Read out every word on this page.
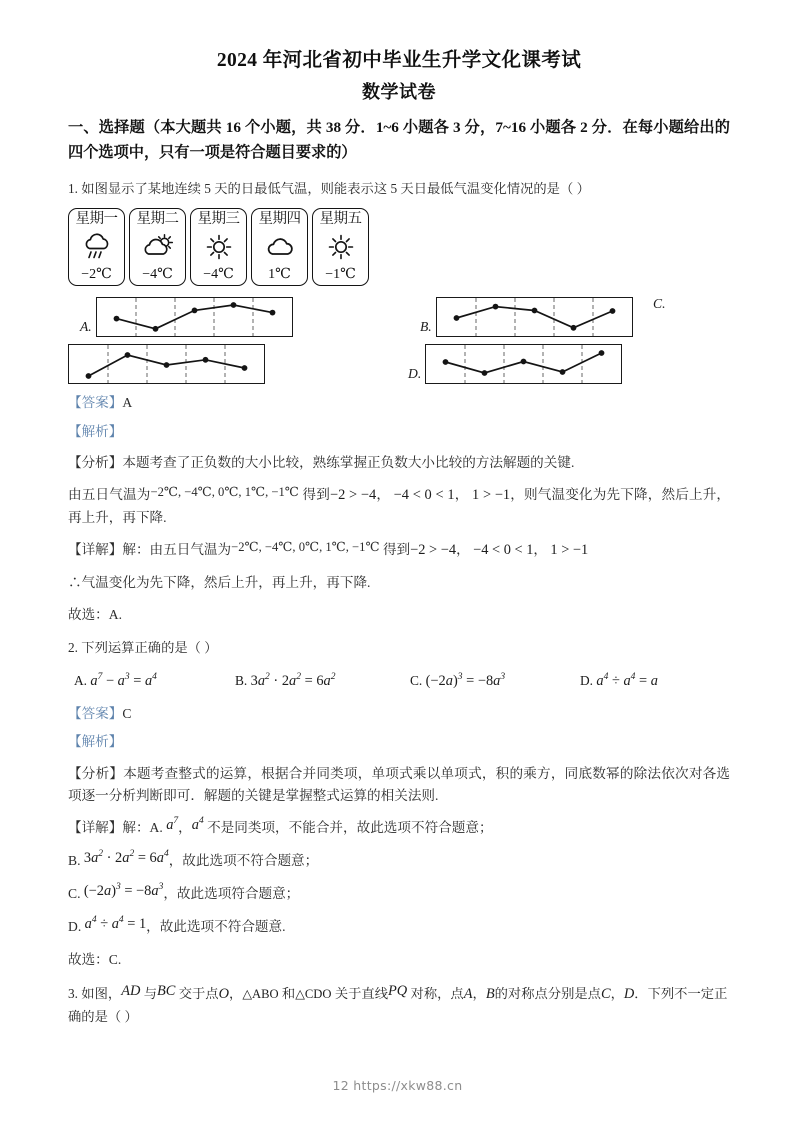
2024 年河北省初中毕业生升学文化课考试
数学试卷
一、选择题（本大题共 16 个小题，共 38 分．1~6 小题各 3 分，7~16 小题各 2 分．在每小题给出的四个选项中，只有一项是符合题目要求的）
1. 如图显示了某地连续 5 天的日最低气温，则能表示这 5 天日最低气温变化情况的是（ ）
星期一
−2℃
星期二
−4℃
星期三
−4℃
星期四
1℃
星期五
−1℃
A.	B.
C.
D.
【答案】A
【解析】
【分析】本题考查了正负数的大小比较，熟练掌握正负数大小比较的方法解题的关键.
由五日气温为−2℃, −4℃, 0℃, 1℃, −1℃ 得到−2 > −4， −4 < 0 < 1， 1 > −1，则气温变化为先下降，然后上升，再上升，再下降.
【详解】解：由五日气温为−2℃, −4℃, 0℃, 1℃, −1℃ 得到−2 > −4， −4 < 0 < 1， 1 > −1
∴气温变化为先下降，然后上升，再上升，再下降.
故选：A.
2. 下列运算正确的是（ ）
A. $a^7 - a^3 = a^4$	B. $3a^2 \cdot 2a^2 = 6a^2$	C. $(-2a)^3 = -8a^3$	D. $a^4 \div a^4 = a$
【答案】C
【解析】
【分析】本题考查整式的运算，根据合并同类项，单项式乘以单项式，积的乘方，同底数幂的除法依次对各选项逐一分析判断即可．解题的关键是掌握整式运算的相关法则.
【详解】解：A. $a^7$，$a^4$ 不是同类项，不能合并，故此选项不符合题意；
B. $3a^2 \cdot 2a^2 = 6a^4$，故此选项不符合题意；
C. $(-2a)^3 = -8a^3$，故此选项符合题意；
D. $a^4 \div a^4 = 1$，故此选项不符合题意.
故选：C.
3. 如图，AD 与BC 交于点O，△ABO 和△CDO 关于直线PQ 对称，点A，B的对称点分别是点C，D．下列不一定正确的是（ ）
12 https://xkw88.cn
